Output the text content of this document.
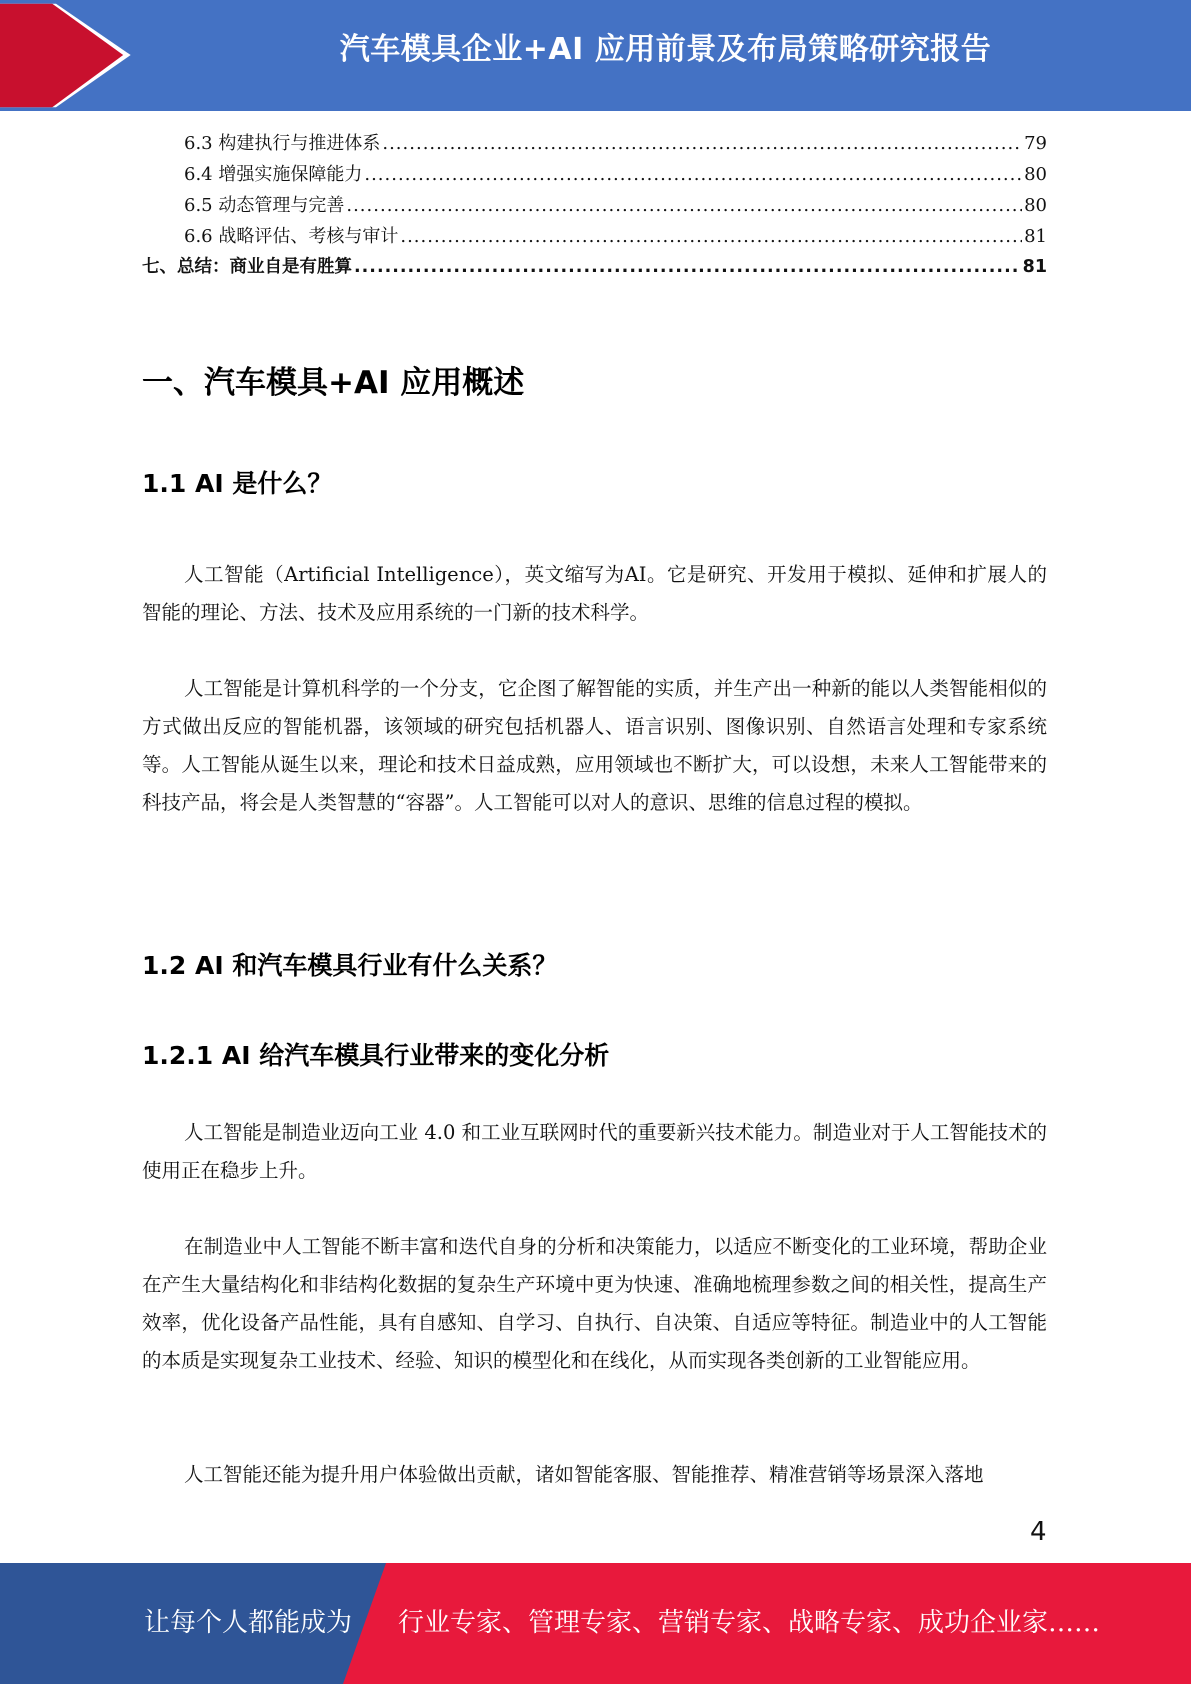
汽车模具企业+AI 应用前景及布局策略研究报告
6.3 构建执行与推进体系 .....	79
6.4 增强实施保障能力 .....	80
6.5 动态管理与完善 .....	80
6.6 战略评估、考核与审计 .....	81
七、总结：商业自是有胜算 .....	81
一、汽车模具+AI 应用概述
1.1 AI 是什么？

人工智能（Artificial Intelligence），英文缩写为AI。它是研究、开发用于模拟、延伸和扩展人的智能的理论、方法、技术及应用系统的一门新的技术科学。

人工智能是计算机科学的一个分支，它企图了解智能的实质，并生产出一种新的能以人类智能相似的方式做出反应的智能机器，该领域的研究包括机器人、语言识别、图像识别、自然语言处理和专家系统等。人工智能从诞生以来，理论和技术日益成熟，应用领域也不断扩大，可以设想，未来人工智能带来的科技产品，将会是人类智慧的“容器”。人工智能可以对人的意识、思维的信息过程的模拟。

1.2 AI 和汽车模具行业有什么关系？
1.2.1 AI 给汽车模具行业带来的变化分析

人工智能是制造业迈向工业 4.0 和工业互联网时代的重要新兴技术能力。制造业对于人工智能技术的使用正在稳步上升。

在制造业中人工智能不断丰富和迭代自身的分析和决策能力，以适应不断变化的工业环境，帮助企业在产生大量结构化和非结构化数据的复杂生产环境中更为快速、准确地梳理参数之间的相关性，提高生产效率，优化设备产品性能，具有自感知、自学习、自执行、自决策、自适应等特征。制造业中的人工智能的本质是实现复杂工业技术、经验、知识的模型化和在线化，从而实现各类创新的工业智能应用。

人工智能还能为提升用户体验做出贡献，诸如智能客服、智能推荐、精准营销等场景深入落地

4
让每个人都能成为 行业专家、管理专家、营销专家、战略专家、成功企业家……
